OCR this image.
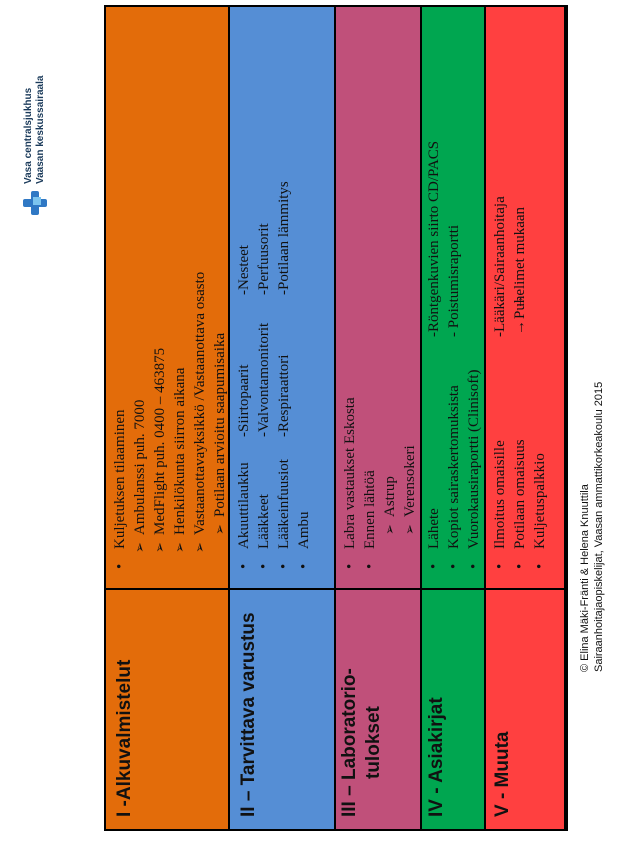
Vasa centralsjukhus Vaasan keskussairaala
I -Alkuvalmistelut
• Kuljetuksen tilaaminen ➢ Ambulanssi puh. 7000 ➢ MedFlight puh. 0400 – 463875 ➢ Henkilökunta siirron aikana ➢ Vastaanottavayksikkö /Vastaanottava osasto ➢ Potilaan arvioitu saapumisaika
II – Tarvittava varustus
• Akuuttilaukku • Lääkkeet • Lääkeinfuusiot • Ambu
-Siirtopaarit -Valvontamonitorit -Respiraattori
-Nesteet -Perfuusorit -Potilaan lämmitys
III – Laboratorio- tulokset
• Labra vastaukset Eskosta • Ennen lähtöä ➢ Astrup ➢ Verensokeri
IV - Asiakirjat
• Lähete • Kopiot sairaskertomuksista • Vuorokausiraportti (Clinisoft)
-Röntgenkuvien siirto CD/PACS - Poistumisraportti
V - Muuta
• Ilmoitus omaisille • Potilaan omaisuus • Kuljetuspalkkio
-Lääkäri/Sairaanhoitaja → →
Puhelimet mukaan
© Elina Mäki-Fränti & Helena Knuuttila Sairaanhoitajaopiskelijat, Vaasan ammattikorkeakoulu 2015
